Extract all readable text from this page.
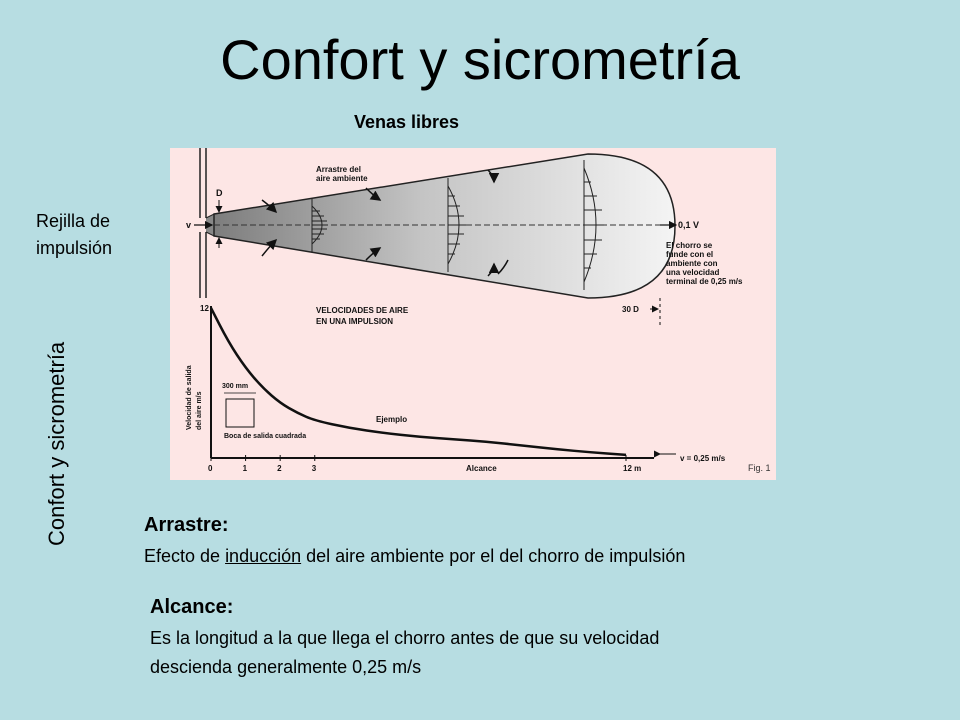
Confort y sicrometría
Venas libres
Rejilla de
impulsión
Confort y sicrometría
v
D
Arrastre del
aire ambiente
0,1 V
El chorro se
funde con el
ambiente con
una velocidad
terminal de 0,25 m/s
30 D
12
Velocidad de salida del aire m/s
VELOCIDADES DE AIRE
EN UNA IMPULSION
300 mm
Boca de salida cuadrada
Ejemplo
v = 0,25 m/s
0	1	2	3	12 m
Alcance	Fig. 1
Arrastre:
Efecto de inducción del aire ambiente por el del chorro de impulsión
Alcance:
Es la longitud a la que llega el chorro antes de que su velocidad
descienda generalmente 0,25 m/s
